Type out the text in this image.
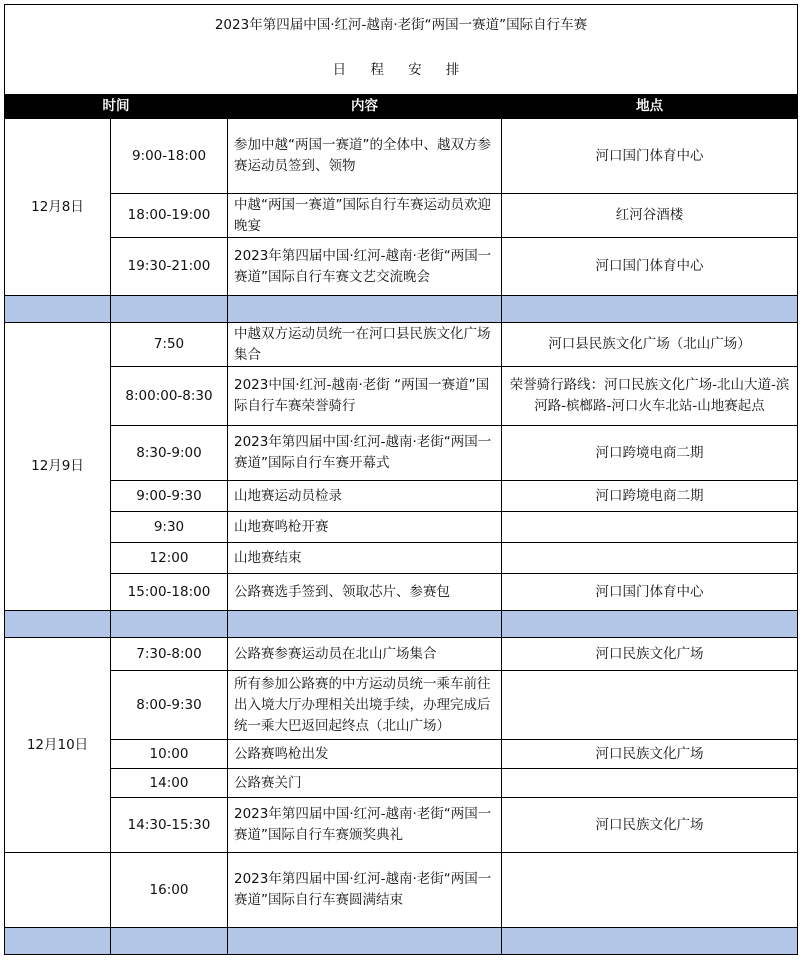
2023年第四届中国·红河-越南·老街“两国一赛道”国际自行车赛			
日 程 安 排			
时间		内容	地点
12月8日	9:00-18:00	参加中越“两国一赛道”的全体中、越双方参赛运动员签到、领物	河口国门体育中心
	18:00-19:00	中越“两国一赛道”国际自行车赛运动员欢迎晚宴	红河谷酒楼
	19:30-21:00	2023年第四届中国·红河-越南·老街“两国一赛道”国际自行车赛文艺交流晚会	河口国门体育中心

12月9日	7:50	中越双方运动员统一在河口县民族文化广场集合	河口县民族文化广场（北山广场）
	8:00:00-8:30	2023中国·红河-越南·老街 “两国一赛道”国际自行车赛荣誉骑行	荣誉骑行路线：河口民族文化广场-北山大道-滨河路-槟榔路-河口火车北站-山地赛起点
	8:30-9:00	2023年第四届中国·红河-越南·老街“两国一赛道”国际自行车赛开幕式	河口跨境电商二期
	9:00-9:30	山地赛运动员检录	河口跨境电商二期
	9:30	山地赛鸣枪开赛	
	12:00	山地赛结束	
	15:00-18:00	公路赛选手签到、领取芯片、参赛包	河口国门体育中心

12月10日	7:30-8:00	公路赛参赛运动员在北山广场集合	河口民族文化广场
	8:00-9:30	所有参加公路赛的中方运动员统一乘车前往出入境大厅办理相关出境手续，办理完成后统一乘大巴返回起终点（北山广场）	
	10:00	公路赛鸣枪出发	河口民族文化广场
	14:00	公路赛关门	
	14:30-15:30	2023年第四届中国·红河-越南·老街“两国一赛道”国际自行车赛颁奖典礼	河口民族文化广场
	16:00	2023年第四届中国·红河-越南·老街“两国一赛道”国际自行车赛圆满结束	
